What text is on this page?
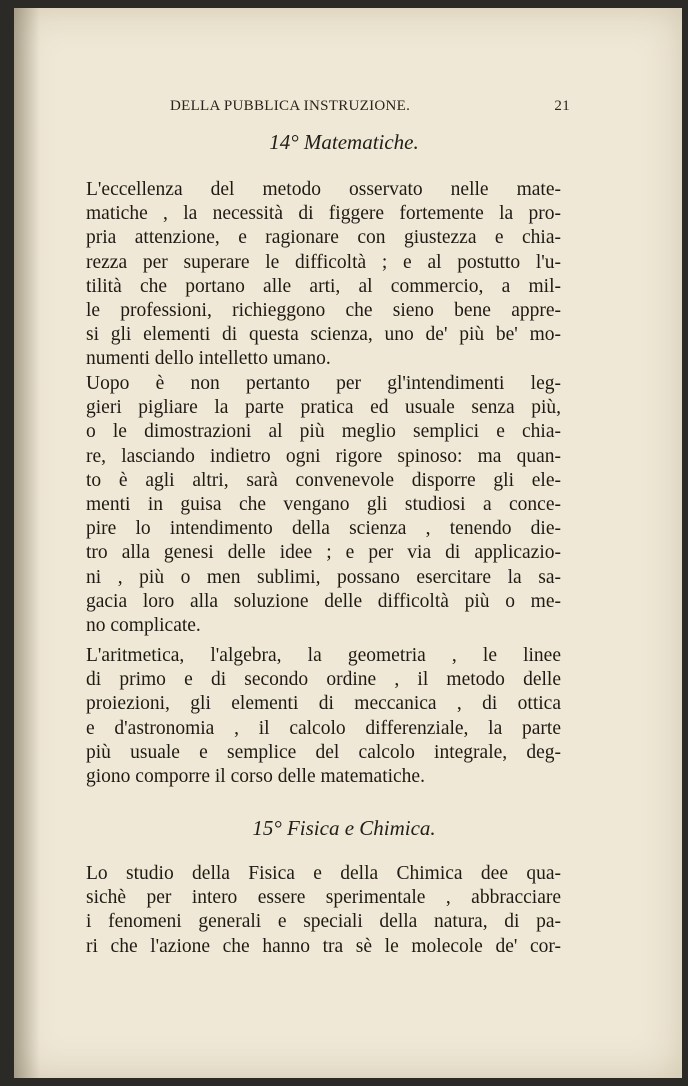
DELLA PUBBLICA INSTRUZIONE.	21
14° Matematiche.
L'eccellenza del metodo osservato nelle mate-
matiche , la necessità di figgere fortemente la pro-
pria attenzione, e ragionare con giustezza e chia-
rezza per superare le difficoltà ; e al postutto l'u-
tilità che portano alle arti, al commercio, a mil-
le professioni, richieggono che sieno bene appre-
si gli elementi di questa scienza, uno de' più be' mo-
numenti dello intelletto umano.
Uopo è non pertanto per gl'intendimenti leg-
gieri pigliare la parte pratica ed usuale senza più,
o le dimostrazioni al più meglio semplici e chia-
re, lasciando indietro ogni rigore spinoso: ma quan-
to è agli altri, sarà convenevole disporre gli ele-
menti in guisa che vengano gli studiosi a conce-
pire lo intendimento della scienza , tenendo die-
tro alla genesi delle idee ; e per via di applicazio-
ni , più o men sublimi, possano esercitare la sa-
gacia loro alla soluzione delle difficoltà più o me-
no complicate.
L'aritmetica, l'algebra, la geometria , le linee
di primo e di secondo ordine , il metodo delle
proiezioni, gli elementi di meccanica , di ottica
e d'astronomia , il calcolo differenziale, la parte
più usuale e semplice del calcolo integrale, deg-
giono comporre il corso delle matematiche.
15° Fisica e Chimica.
Lo studio della Fisica e della Chimica dee qua-
sichè per intero essere sperimentale , abbracciare
i fenomeni generali e speciali della natura, di pa-
ri che l'azione che hanno tra sè le molecole de' cor-
